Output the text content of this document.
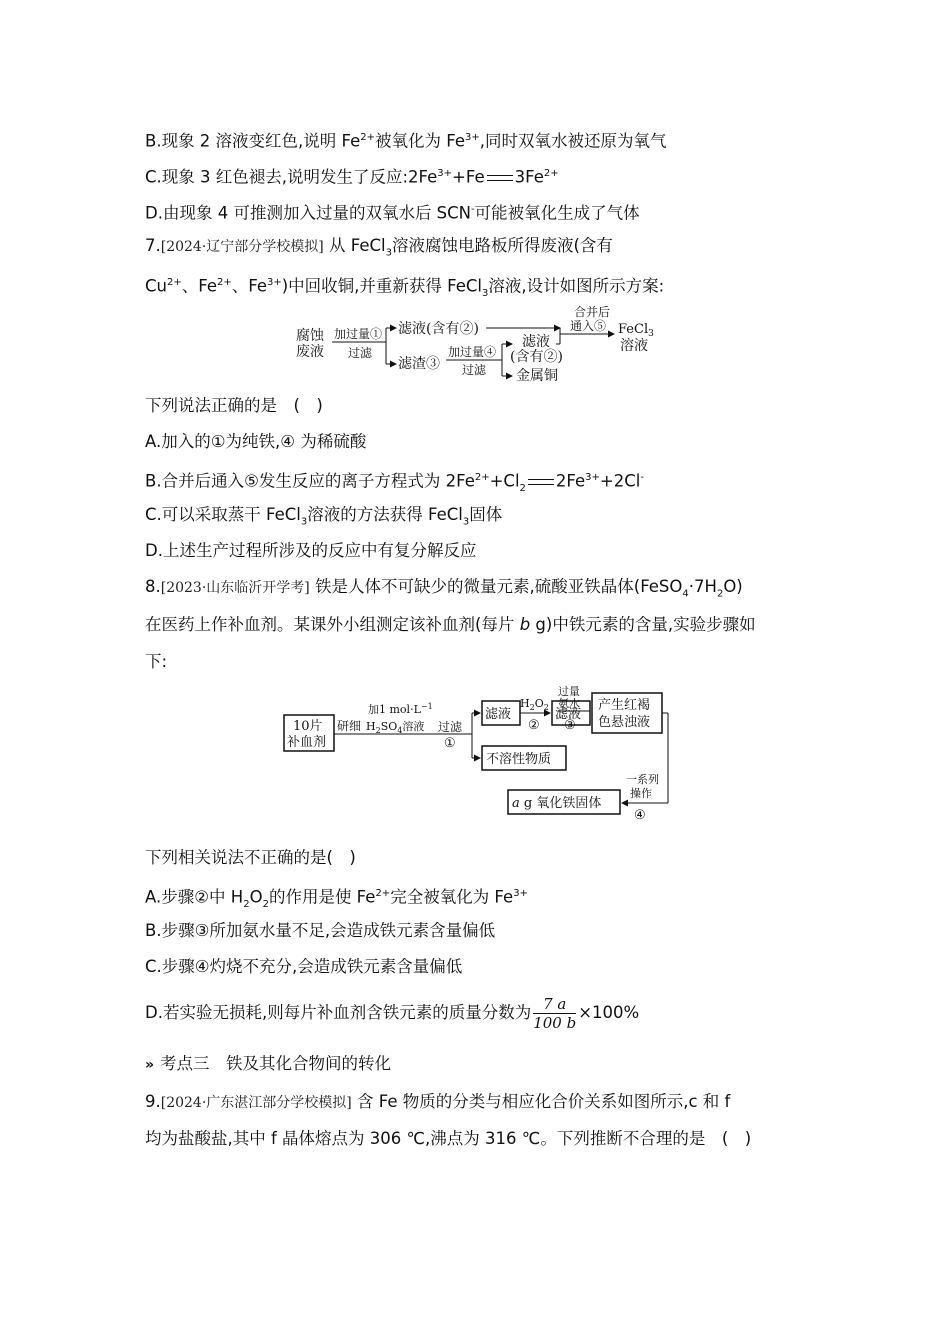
B.现象 2 溶液变红色,说明 $Fe^{2+}$被氧化为 $Fe^{3+}$,同时双氧水被还原为氧气
C.现象 3 红色褪去,说明发生了反应$:2Fe^{3+}+Fe$ $3Fe^{2+}$
D.由现象 4 可推测加入过量的双氧水后 SCN-可能被氧化生成了气体
7.[2024·辽宁部分学校模拟] 从 FeCl$_3$溶液腐蚀电路板所得废液(含有
$Cu^{2+}$、$Fe^{2+}$、$Fe^{3+}$)中回收铜,并重新获得 FeCl$_3$溶液,设计如图所示方案:
腐蚀
废液
加过量①
过滤
滤液(含有②)
滤渣③
加过量④
过滤
滤液
(含有②)
金属铜
合并后
通入⑤ FeCl$_3$
溶液
下列说法正确的是　 (　)
A.加入的①为纯铁,④ 为稀硫酸
B.合并后通入⑤发生反应的离子方程式为 $2Fe^{2+}+Cl_2$ $2Fe^{3+}+2Cl^-$
C.可以采取蒸干 FeCl$_3$溶液的方法获得 FeCl$_3$固体
D.上述生产过程所涉及的反应中有复分解反应
8.[2023·山东临沂开学考] 铁是人体不可缺少的微量元素,硫酸亚铁晶体$(FeSO_4\cdot 7H_2O)$
在医药上作补血剂。某课外小组测定该补血剂(每片 b g)中铁元素的含量,实验步骤如
下:
10片
补血剂
研细
加1 $mol\cdot L^{-1}$
$H_2SO_4$溶液 过滤
①
滤液
不溶性物质
$H_2O_2$
②
滤液
过量
氨水
③
产生红褐
色悬浊液
一系列
操作
④
a g 氧化铁固体
下列相关说法不正确的是(　)
A.步骤②中 $H_2O_2$的作用是使 $Fe^{2+}$完全被氧化为 $Fe^{3+}$
B.步骤③所加氨水量不足,会造成铁元素含量偏低
C.步骤④灼烧不充分,会造成铁元素含量偏低
D.若实验无损耗,则每片补血剂含铁元素的质量分数为 $\frac{7 a}{100 b} \times 100\%$
» 考点三　铁及其化合物间的转化
9.[2024·广东湛江部分学校模拟] 含 Fe 物质的分类与相应化合价关系如图所示,c 和 f
均为盐酸盐,其中 f 晶体熔点为 306 ℃,沸点为 316 ℃。下列推断不合理的是　 (　)
